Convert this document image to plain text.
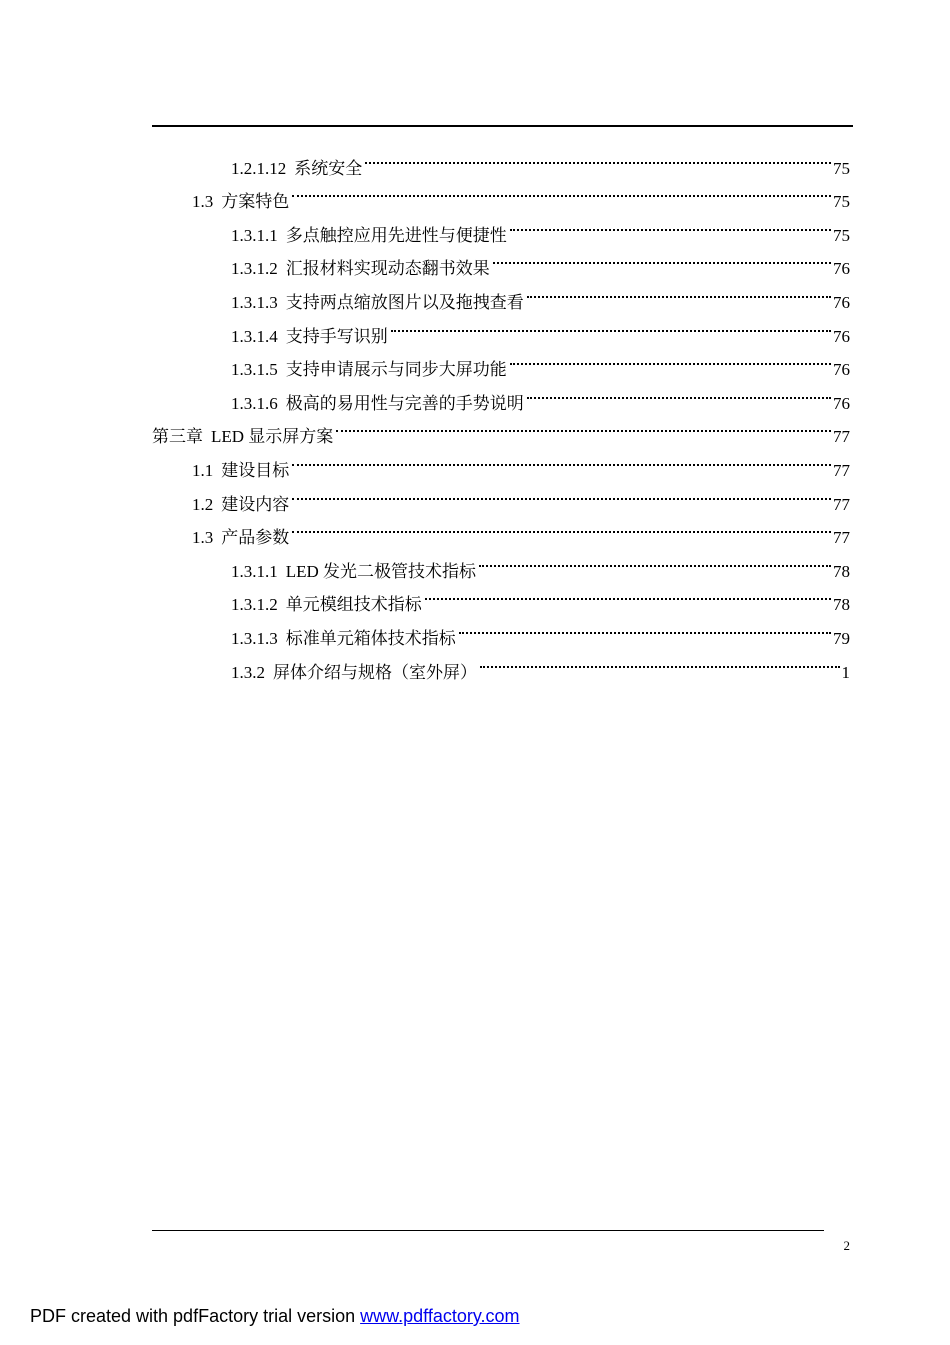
1.2.1.12 系统安全	75
1.3 方案特色	75
1.3.1.1 多点触控应用先进性与便捷性	75
1.3.1.2 汇报材料实现动态翻书效果	76
1.3.1.3 支持两点缩放图片以及拖拽查看	76
1.3.1.4 支持手写识别	76
1.3.1.5 支持申请展示与同步大屏功能	76
1.3.1.6 极高的易用性与完善的手势说明	76
第三章 LED 显示屏方案	77
1.1 建设目标	77
1.2 建设内容	77
1.3 产品参数	77
1.3.1.1 LED 发光二极管技术指标	78
1.3.1.2 单元模组技术指标	78
1.3.1.3 标准单元箱体技术指标	79
1.3.2 屏体介绍与规格（室外屏）	1
2
PDF created with pdfFactory trial version www.pdffactory.com
